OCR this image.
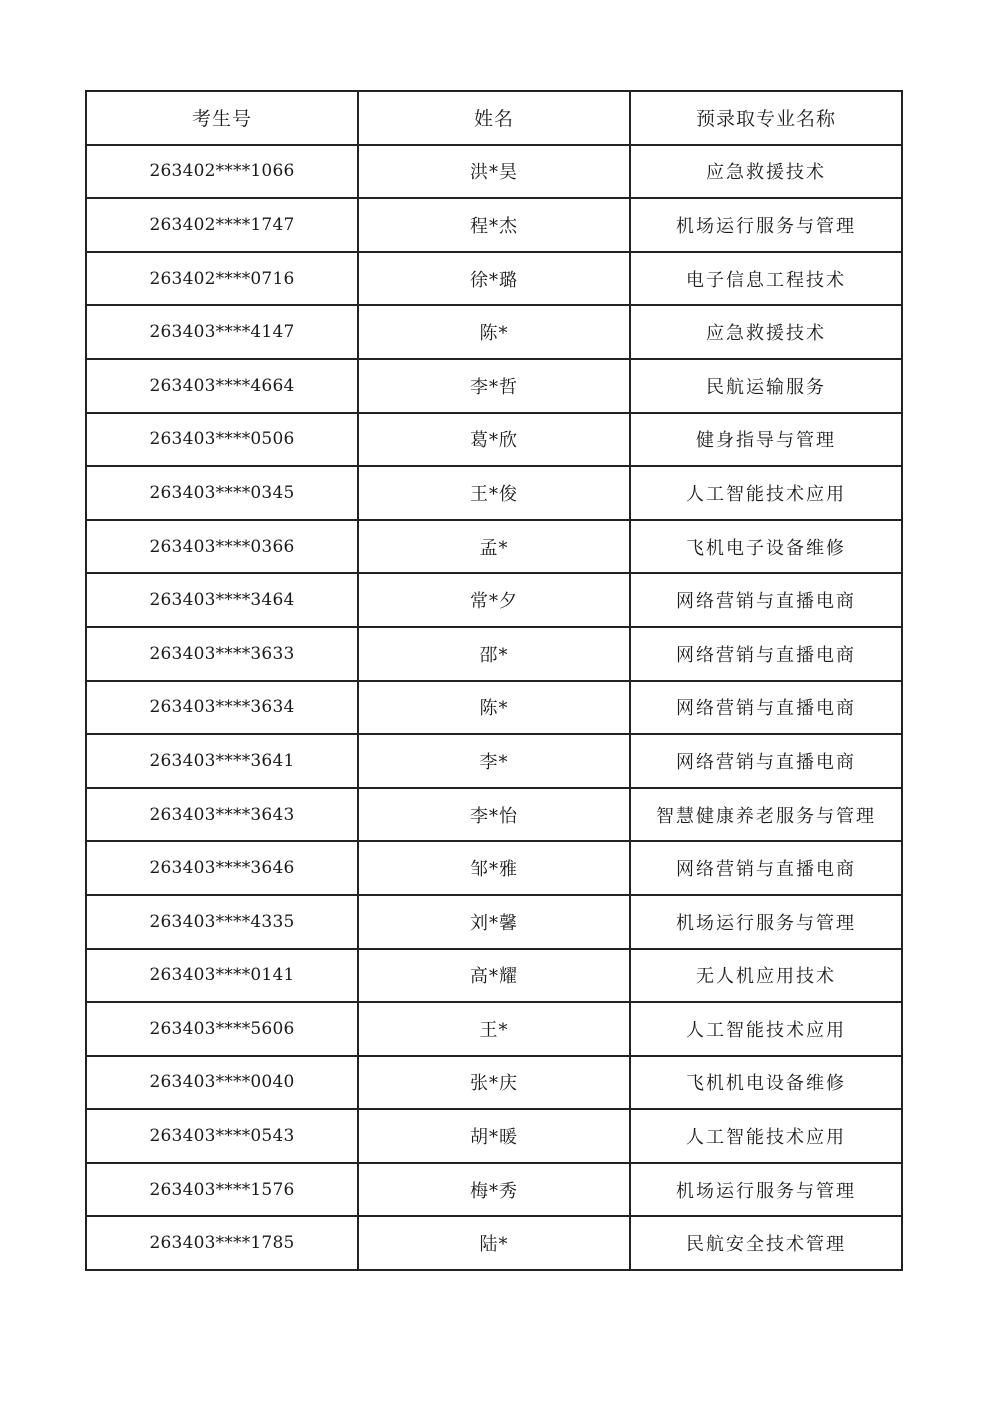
考生号	姓名	预录取专业名称
263402****1066	洪*昊	应急救援技术
263402****1747	程*杰	机场运行服务与管理
263402****0716	徐*璐	电子信息工程技术
263403****4147	陈*	应急救援技术
263403****4664	李*哲	民航运输服务
263403****0506	葛*欣	健身指导与管理
263403****0345	王*俊	人工智能技术应用
263403****0366	孟*	飞机电子设备维修
263403****3464	常*夕	网络营销与直播电商
263403****3633	邵*	网络营销与直播电商
263403****3634	陈*	网络营销与直播电商
263403****3641	李*	网络营销与直播电商
263403****3643	李*怡	智慧健康养老服务与管理
263403****3646	邹*雅	网络营销与直播电商
263403****4335	刘*馨	机场运行服务与管理
263403****0141	高*耀	无人机应用技术
263403****5606	王*	人工智能技术应用
263403****0040	张*庆	飞机机电设备维修
263403****0543	胡*暖	人工智能技术应用
263403****1576	梅*秀	机场运行服务与管理
263403****1785	陆*	民航安全技术管理
